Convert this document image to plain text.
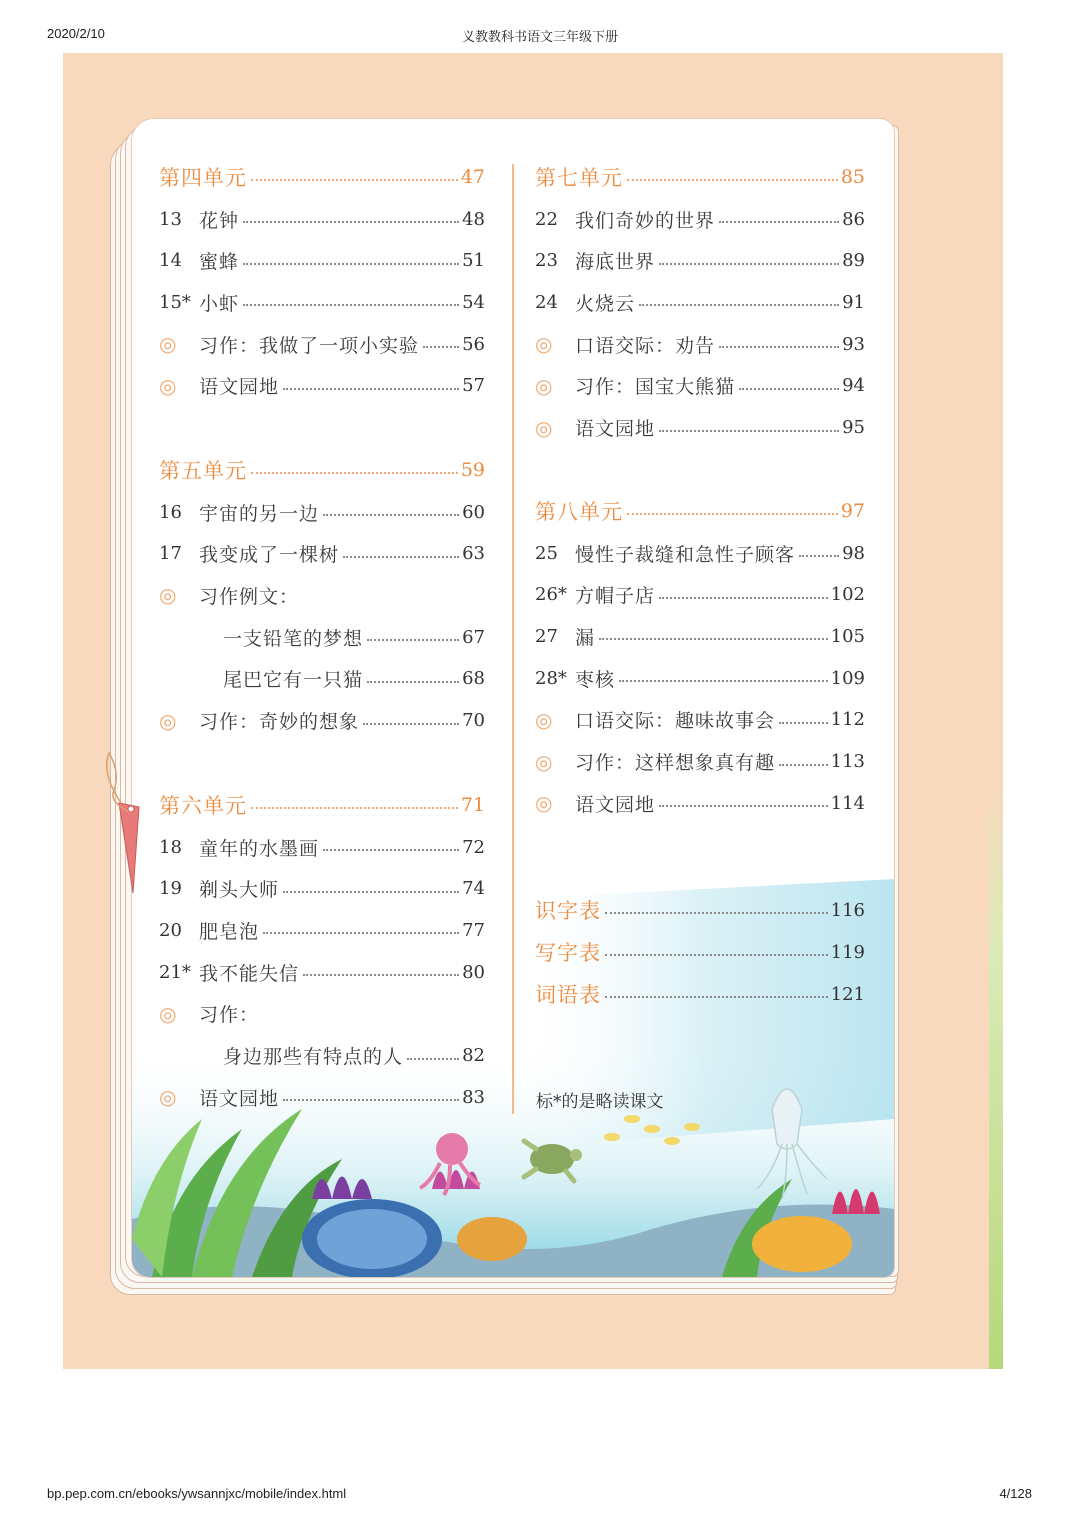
2020/2/10	义教教科书语文三年级下册
第四单元	47
13 花钟	48
14 蜜蜂	51
15* 小虾	54
◎	习作：我做了一项小实验 56
◎	语文园地	57
第五单元	59
16 宇宙的另一边	60
17 我变成了一棵树	63
◎	习作例文：
一支铅笔的梦想	67
尾巴它有一只猫	68
◎	习作：奇妙的想象	70
第六单元	71
18 童年的水墨画	72
19 剃头大师	74
20 肥皂泡	77
21* 我不能失信	80
◎	习作：
身边那些有特点的人	82
◎	语文园地	83
第七单元	85
22 我们奇妙的世界	86
23 海底世界	89
24 火烧云	91
◎	口语交际：劝告	93
◎	习作：国宝大熊猫	94
◎	语文园地	95
第八单元	97
25 慢性子裁缝和急性子顾客	98
26* 方帽子店	102
27 漏	105
28* 枣核	109
◎	口语交际：趣味故事会	112
◎	习作：这样想象真有趣	113
◎	语文园地	114
识字表	116
写字表	119
词语表	121
标*的是略读课文
bp.pep.com.cn/ebooks/ywsannjxc/mobile/index.html	4/128
